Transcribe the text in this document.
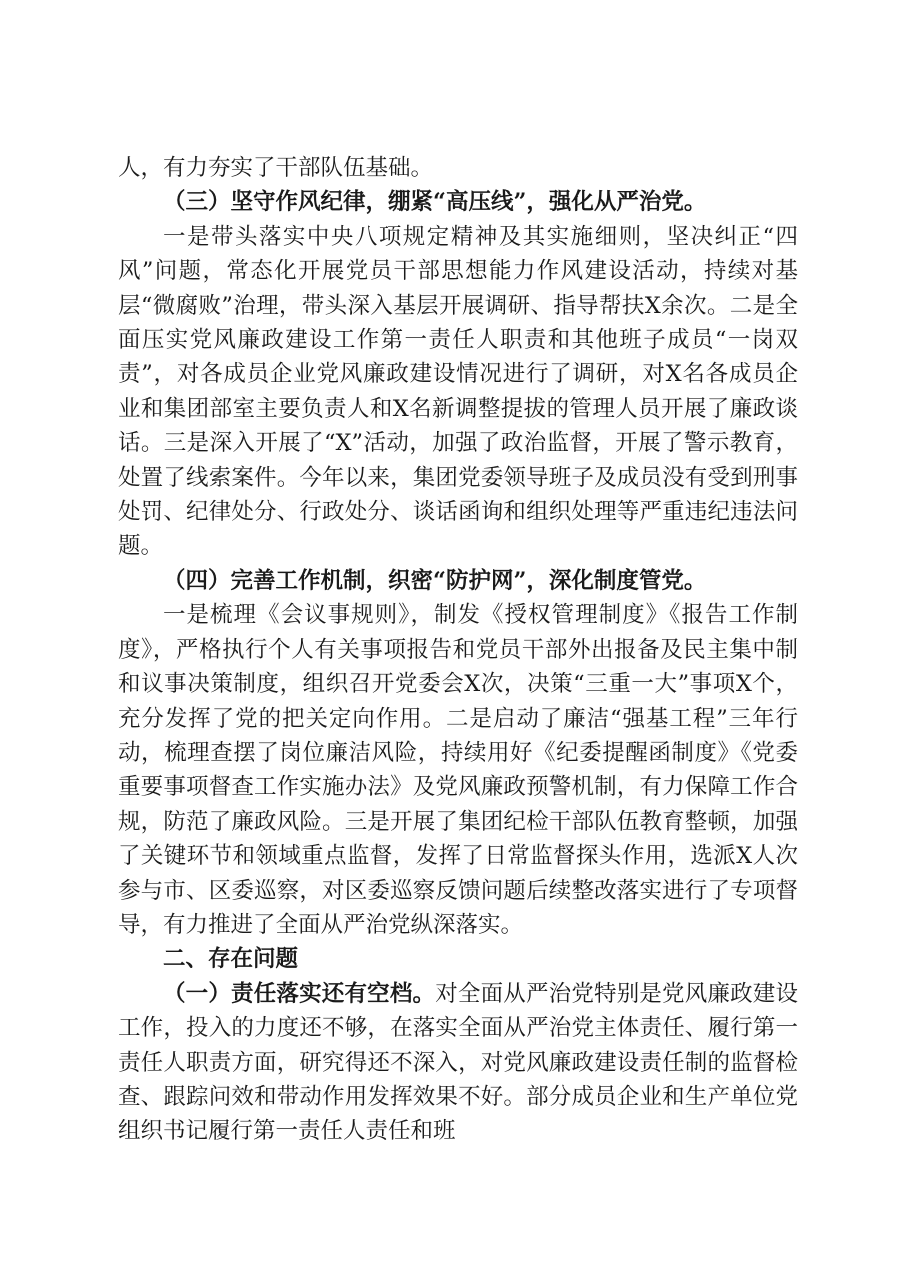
人，有力夯实了干部队伍基础。

（三）坚守作风纪律，绷紧“高压线”，强化从严治党。

一是带头落实中央八项规定精神及其实施细则，坚决纠正“四风”问题，常态化开展党员干部思想能力作风建设活动，持续对基层“微腐败”治理，带头深入基层开展调研、指导帮扶X余次。二是全面压实党风廉政建设工作第一责任人职责和其他班子成员“一岗双责”，对各成员企业党风廉政建设情况进行了调研，对X名各成员企业和集团部室主要负责人和X名新调整提拔的管理人员开展了廉政谈话。三是深入开展了“X”活动，加强了政治监督，开展了警示教育，处置了线索案件。今年以来，集团党委领导班子及成员没有受到刑事处罚、纪律处分、行政处分、谈话函询和组织处理等严重违纪违法问题。

（四）完善工作机制，织密“防护网”，深化制度管党。

一是梳理《会议事规则》，制发《授权管理制度》《报告工作制度》，严格执行个人有关事项报告和党员干部外出报备及民主集中制和议事决策制度，组织召开党委会X次，决策“三重一大”事项X个，充分发挥了党的把关定向作用。二是启动了廉洁“强基工程”三年行动，梳理查摆了岗位廉洁风险，持续用好《纪委提醒函制度》《党委重要事项督查工作实施办法》及党风廉政预警机制，有力保障工作合规，防范了廉政风险。三是开展了集团纪检干部队伍教育整顿，加强了关键环节和领域重点监督，发挥了日常监督探头作用，选派X人次参与市、区委巡察，对区委巡察反馈问题后续整改落实进行了专项督导，有力推进了全面从严治党纵深落实。

二、存在问题

（一）责任落实还有空档。对全面从严治党特别是党风廉政建设工作，投入的力度还不够，在落实全面从严治党主体责任、履行第一责任人职责方面，研究得还不深入，对党风廉政建设责任制的监督检查、跟踪问效和带动作用发挥效果不好。部分成员企业和生产单位党组织书记履行第一责任人责任和班
